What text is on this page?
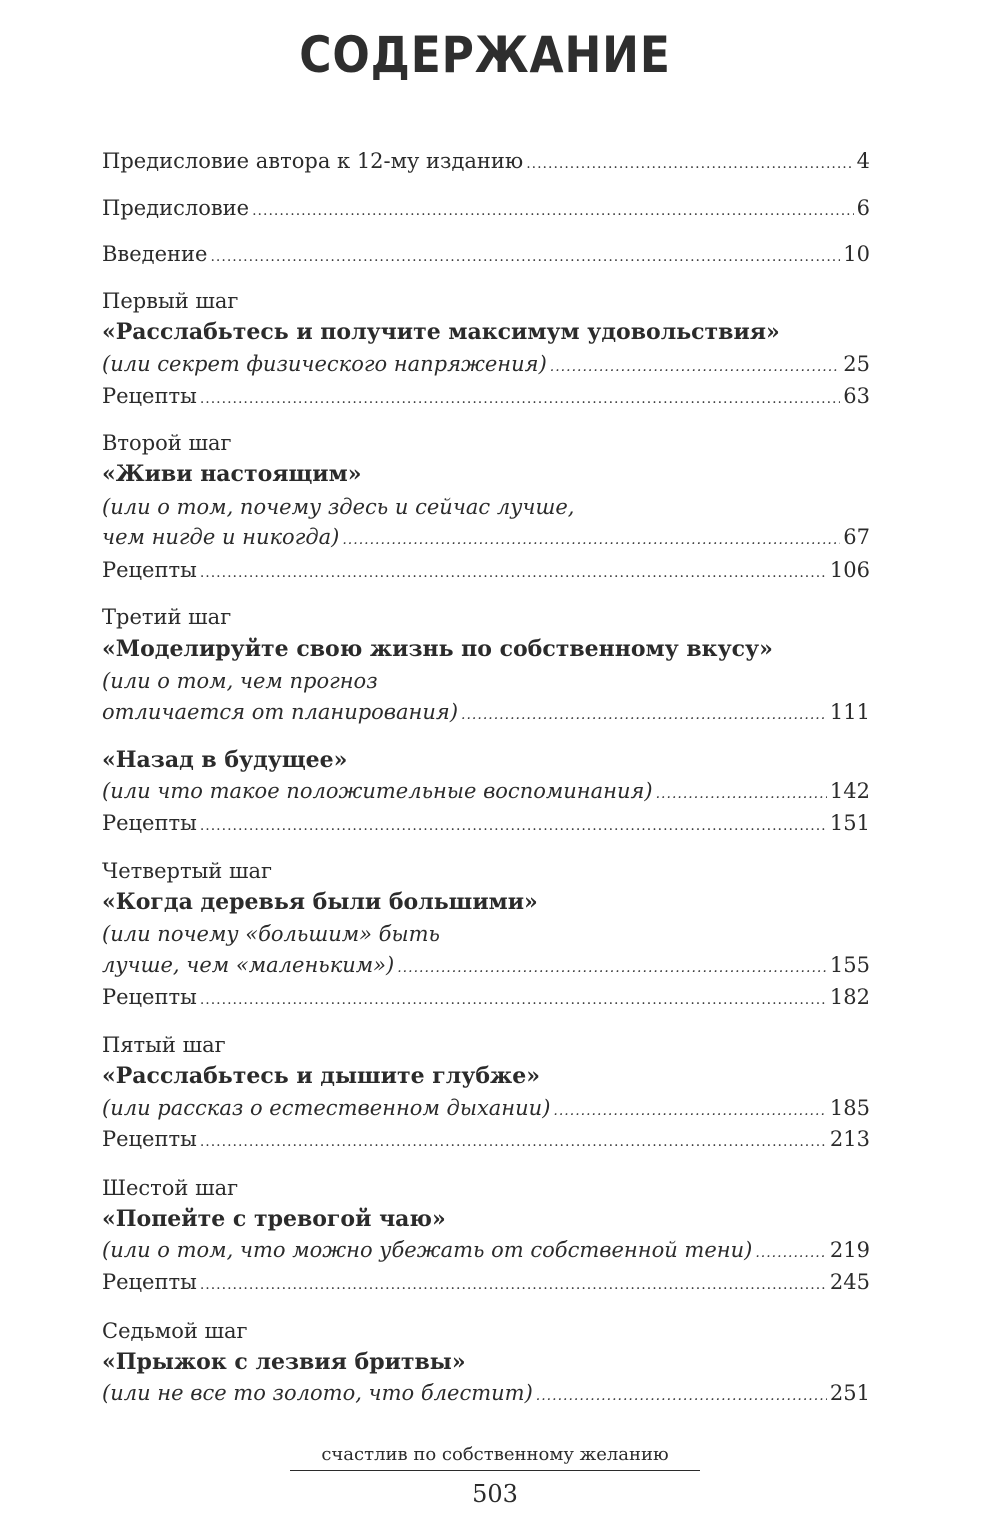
СОДЕРЖАНИЕ
Предисловие автора к 12-му изданию .....	4
Предисловие .....	6
Введение .....	10
Первый шаг
«Расслабьтесь и получите максимум удовольствия»
(или секрет физического напряжения) .....	25
Рецепты .....	63
Второй шаг
«Живи настоящим»
(или о том, почему здесь и сейчас лучше,
чем нигде и никогда) .....	67
Рецепты .....	106
Третий шаг
«Моделируйте свою жизнь по собственному вкусу»
(или о том, чем прогноз
отличается от планирования) .....	111
«Назад в будущее»
(или что такое положительные воспоминания) .....	142
Рецепты .....	151
Четвертый шаг
«Когда деревья были большими»
(или почему «большим» быть
лучше, чем «маленьким») .....	155
Рецепты .....	182
Пятый шаг
«Расслабьтесь и дышите глубже»
(или рассказ о естественном дыхании) .....	185
Рецепты .....	213
Шестой шаг
«Попейте с тревогой чаю»
(или о том, что можно убежать от собственной тени) .....	219
Рецепты .....	245
Седьмой шаг
«Прыжок с лезвия бритвы»
(или не все то золото, что блестит) .....	251
счастлив по собственному желанию
503
